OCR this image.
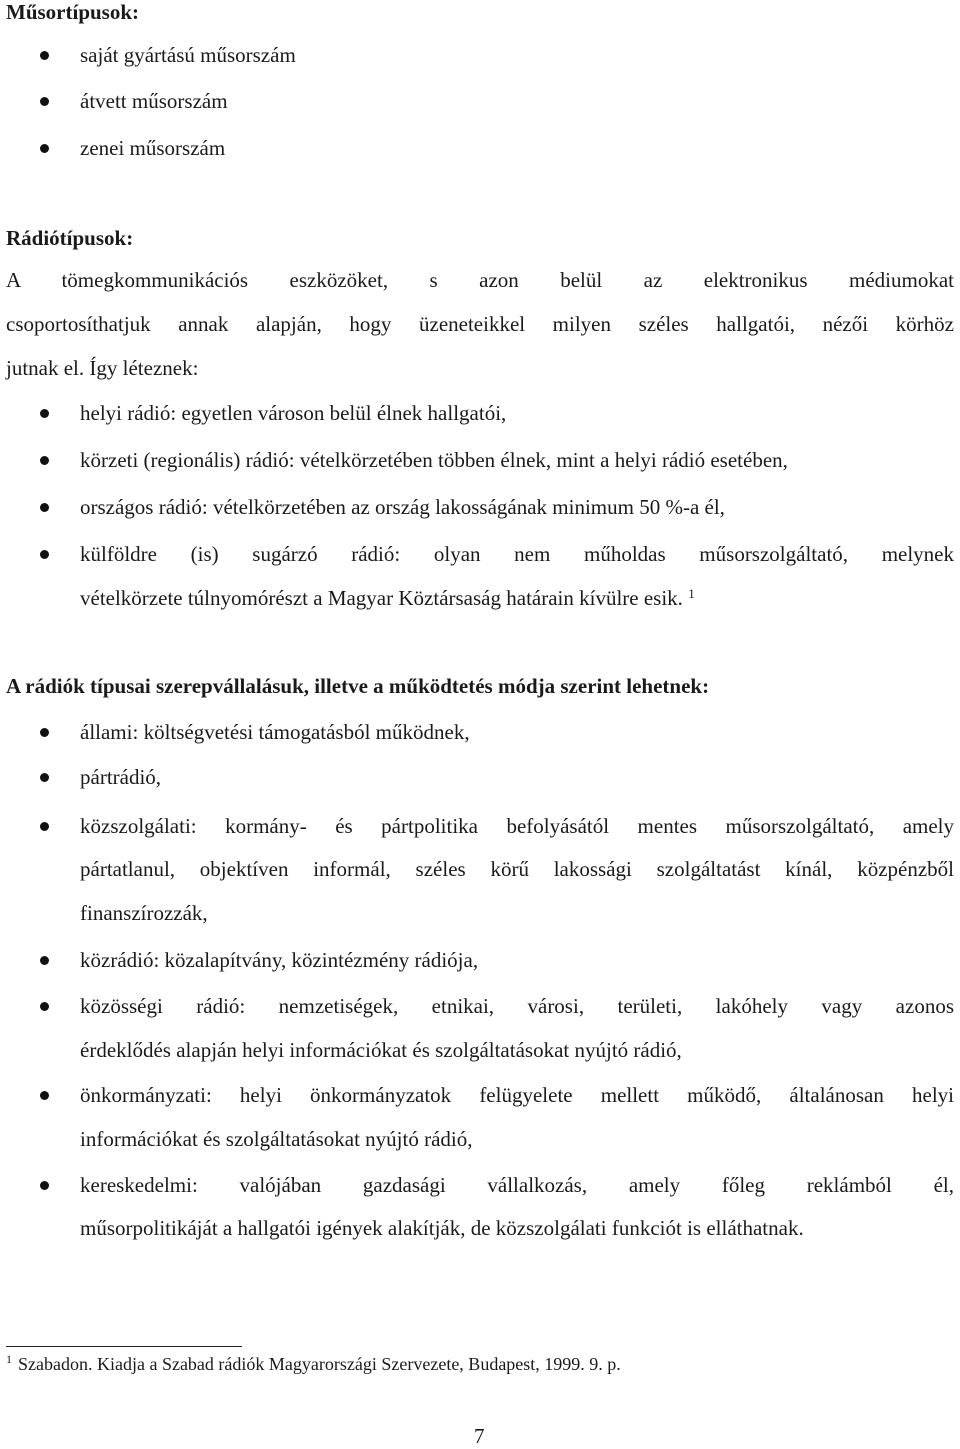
Műsortípusok:

saját gyártású műsorszám

átvett műsorszám

zenei műsorszám

Rádiótípusok:

A tömegkommunikációs eszközöket, s azon belül az elektronikus médiumokat

csoportosíthatjuk annak alapján, hogy üzeneteikkel milyen széles hallgatói, nézői körhöz

jutnak el. Így léteznek:

helyi rádió: egyetlen városon belül élnek hallgatói,

körzeti (regionális) rádió: vételkörzetében többen élnek, mint a helyi rádió esetében,

országos rádió: vételkörzetében az ország lakosságának minimum 50 %-a él,

külföldre (is) sugárzó rádió: olyan nem műholdas műsorszolgáltató, melynek

vételkörzete túlnyomórészt a Magyar Köztársaság határain kívülre esik. $^1$

A rádiók típusai szerepvállalásuk, illetve a működtetés módja szerint lehetnek:

állami: költségvetési támogatásból működnek,

pártrádió,

közszolgálati: kormány- és pártpolitika befolyásától mentes műsorszolgáltató, amely

pártatlanul, objektíven informál, széles körű lakossági szolgáltatást kínál, közpénzből

finanszírozzák,

közrádió: közalapítvány, közintézmény rádiója,

közösségi rádió: nemzetiségek, etnikai, városi, területi, lakóhely vagy azonos

érdeklődés alapján helyi információkat és szolgáltatásokat nyújtó rádió,

önkormányzati: helyi önkormányzatok felügyelete mellett működő, általánosan helyi

információkat és szolgáltatásokat nyújtó rádió,

kereskedelmi: valójában gazdasági vállalkozás, amely főleg reklámból él,

műsorpolitikáját a hallgatói igények alakítják, de közszolgálati funkciót is elláthatnak.

$^1$ Szabadon. Kiadja a Szabad rádiók Magyarországi Szervezete, Budapest, 1999. 9. p.
7
